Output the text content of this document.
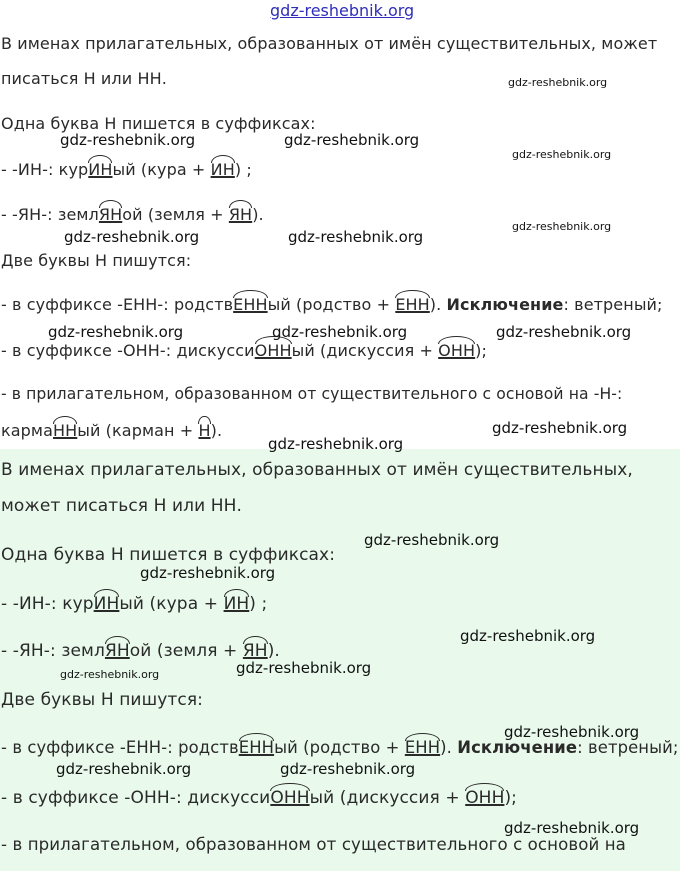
gdz-reshebnik.org
В именах прилагательных, образованных от имён существительных, может
писаться Н или НН.
Одна буква Н пишется в суффиксах:
- -ИН-: курИНый (кура + ИН) ;
- -ЯН-: землЯНой (земля + ЯН).
Две буквы Н пишутся:
- в суффиксе -ЕНН-: родствЕННый (родство + ЕНН). Исключение: ветреный;
- в суффиксе -ОНН-: дискуссиОННый (дискуссия + ОНН);
- в прилагательном, образованном от существительного с основой на -Н-:
кармаННый (карман + Н).
В именах прилагательных, образованных от имён существительных,
может писаться Н или НН.
Одна буква Н пишется в суффиксах:
- -ИН-: курИНый (кура + ИН) ;
- -ЯН-: землЯНой (земля + ЯН).
Две буквы Н пишутся:
- в суффиксе -ЕНН-: родствЕННый (родство + ЕНН). Исключение: ветреный;
- в суффиксе -ОНН-: дискуссиОННый (дискуссия + ОНН);
- в прилагательном, образованном от существительного с основой на
gdz-reshebnik.org
gdz-reshebnik.org	gdz-reshebnik.org
gdz-reshebnik.org
gdz-reshebnik.org
gdz-reshebnik.org	gdz-reshebnik.org
gdz-reshebnik.org	gdz-reshebnik.org	gdz-reshebnik.org
gdz-reshebnik.org
gdz-reshebnik.org
gdz-reshebnik.org
gdz-reshebnik.org
gdz-reshebnik.org
gdz-reshebnik.org
gdz-reshebnik.org
gdz-reshebnik.org
gdz-reshebnik.org	gdz-reshebnik.org
gdz-reshebnik.org
